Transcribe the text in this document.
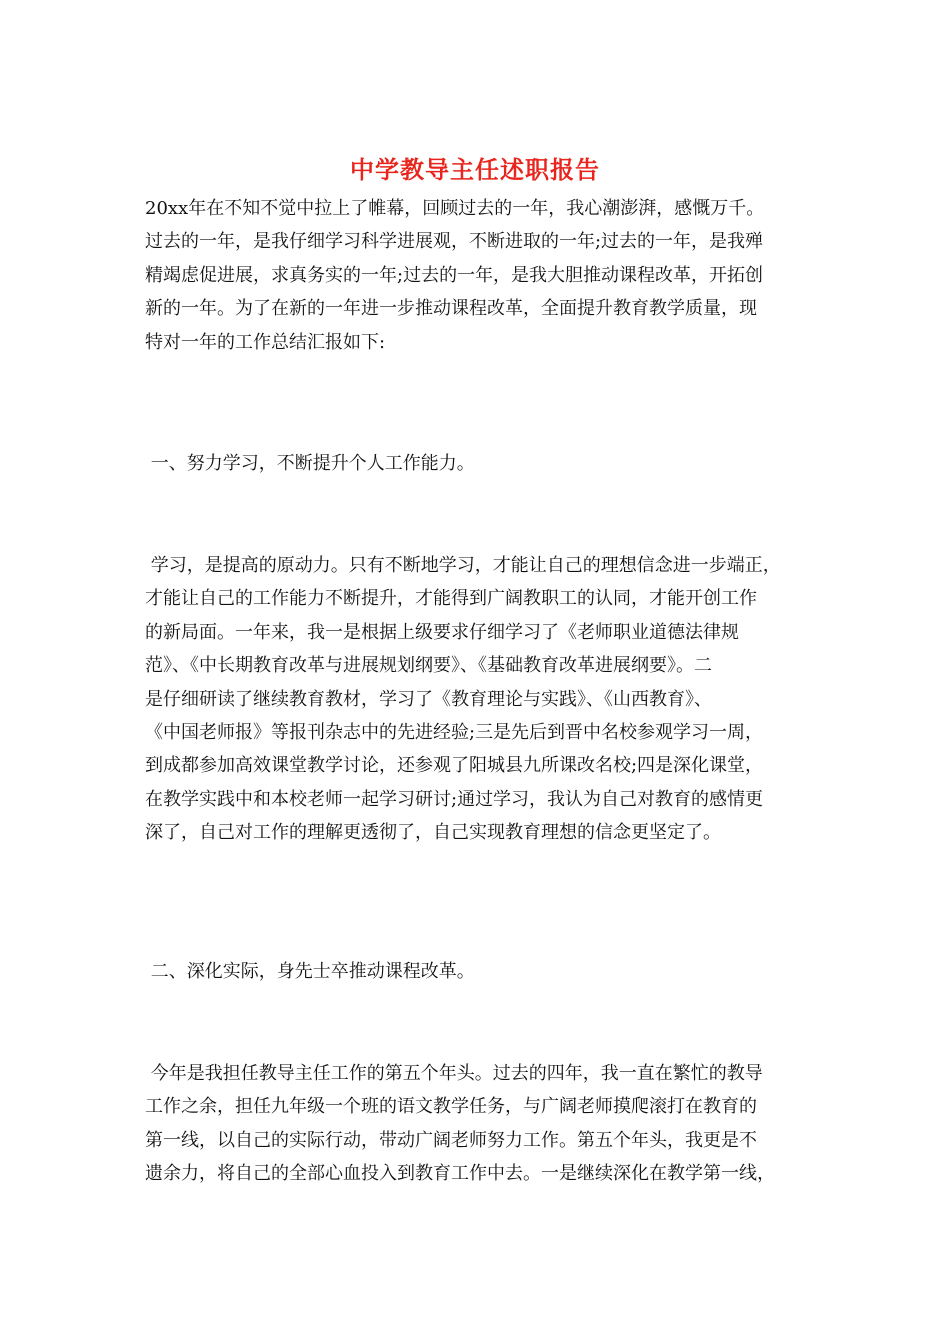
中学教导主任述职报告
20xx年在不知不觉中拉上了帷幕，回顾过去的一年，我心潮澎湃，感慨万千。
过去的一年，是我仔细学习科学进展观，不断进取的一年;过去的一年，是我殚
精竭虑促进展，求真务实的一年;过去的一年，是我大胆推动课程改革，开拓创
新的一年。为了在新的一年进一步推动课程改革，全面提升教育教学质量，现
特对一年的工作总结汇报如下:
一、努力学习，不断提升个人工作能力。
学习，是提高的原动力。只有不断地学习，才能让自己的理想信念进一步端正，
才能让自己的工作能力不断提升，才能得到广阔教职工的认同，才能开创工作
的新局面。一年来，我一是根据上级要求仔细学习了《老师职业道德法律规
范》、《中长期教育改革与进展规划纲要》、《基础教育改革进展纲要》。二
是仔细研读了继续教育教材，学习了《教育理论与实践》、《山西教育》、
《中国老师报》等报刊杂志中的先进经验;三是先后到晋中名校参观学习一周，
到成都参加高效课堂教学讨论，还参观了阳城县九所课改名校;四是深化课堂，
在教学实践中和本校老师一起学习研讨;通过学习，我认为自己对教育的感情更
深了，自己对工作的理解更透彻了，自己实现教育理想的信念更坚定了。
二、深化实际，身先士卒推动课程改革。
今年是我担任教导主任工作的第五个年头。过去的四年，我一直在繁忙的教导
工作之余，担任九年级一个班的语文教学任务，与广阔老师摸爬滚打在教育的
第一线，以自己的实际行动，带动广阔老师努力工作。第五个年头，我更是不
遗余力，将自己的全部心血投入到教育工作中去。一是继续深化在教学第一线，
